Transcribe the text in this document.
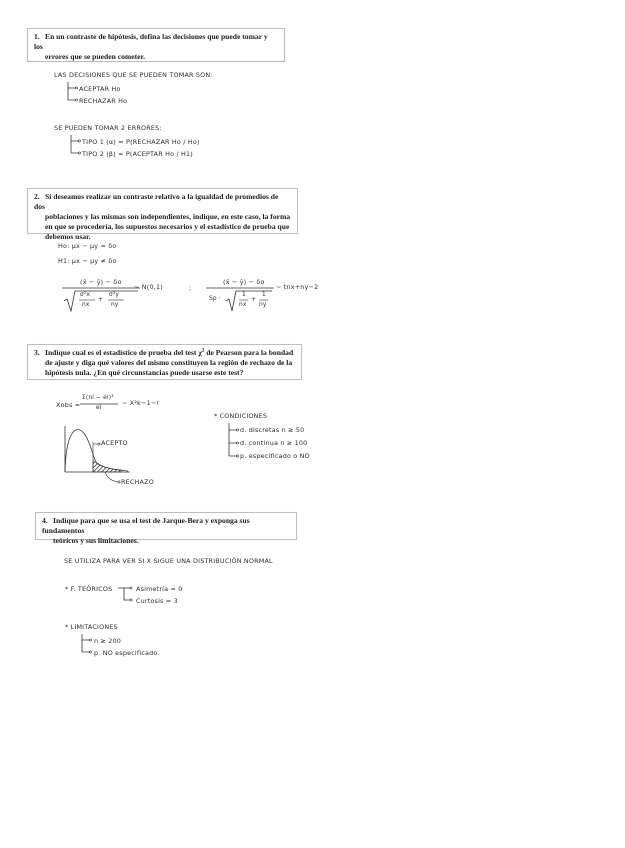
1. En un contraste de hipótesis, defina las decisiones que puede tomar y los
errores que se pueden cometer.
LAS DECISIONES QUE SE PUEDEN TOMAR SON:
ACEPTAR Ho
RECHAZAR Ho
SE PUEDEN TOMAR 2 ERRORES:
TIPO 1 (α) = P(RECHAZAR Ho / Ho)
TIPO 2 (β) = P(ACEPTAR Ho / H1)
2. Si deseamos realizar un contraste relativo a la igualdad de promedios de dos
poblaciones y las mismas son independientes, indique, en este caso, la forma
en que se procedería, los supuestos necesarios y el estadístico de prueba que
debemos usar.
Ho: μx − μy = δo
H1: μx − μy ≠ δo
(x̄ − ȳ) − δo
σ²x
nx
+
σ²y
ny
~ N(0,1)	;
(x̄ − ȳ) − δo
Sp ·
1
nx
+
1
ny
~ tnx+ny−2
3. Indique cual es el estadístico de prueba del test $\chi^2$ de Pearson para la bondad
de ajuste y diga qué valores del mismo constituyen la región de rechazo de la
hipótesis nula. ¿En qué circunstancias puede usarse este test?
Xobs =
Σ(ni − ei)²
ei
~ X²k−1−r
ACEPTO
RECHAZO
* CONDICIONES
d. discretas n ≥ 50
d. continua n ≥ 100
p. especificado o NO
4. Indique para que se usa el test de Jarque-Bera y exponga sus fundamentos
teóricos y sus limitaciones.
SE UTILIZA PARA VER SI X SIGUE UNA DISTRIBUCIÓN NORMAL
* F. TEÓRICOS	Asimetría = 0
Curtosis = 3
* LIMITACIONES
n ≥ 200
p. NO especificado.
